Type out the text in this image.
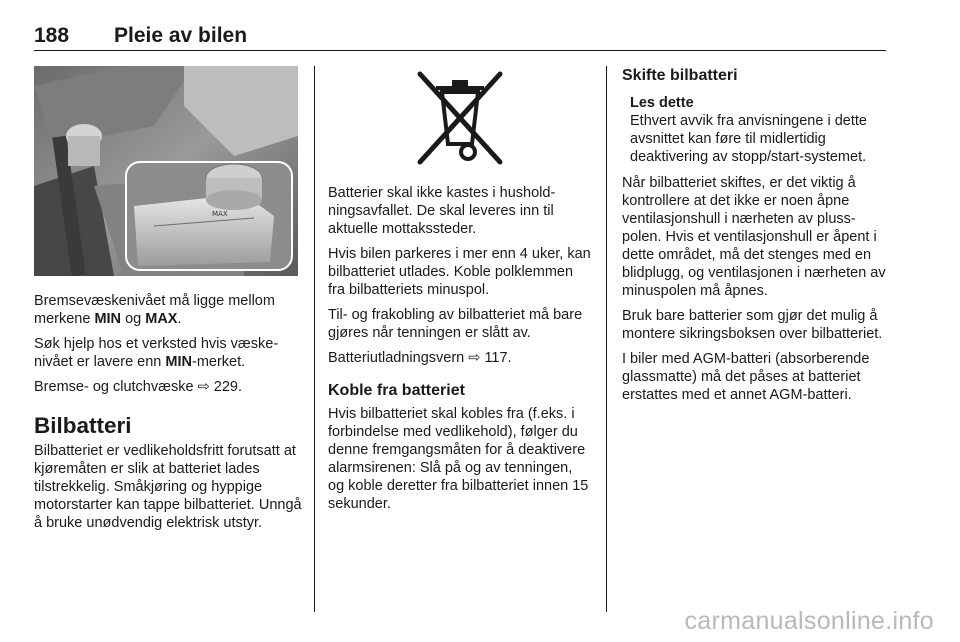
188 Pleie av bilen
MAX

Bremsevæskenivået må ligge mellom merkene MIN og MAX.

Søk hjelp hos et verksted hvis væskenivået er lavere enn MIN-merket.

Bremse- og clutchvæske ⇨ 229.

Bilbatteri

Bilbatteriet er vedlikeholdsfritt forutsatt at kjøremåten er slik at batteriet lades tilstrekkelig. Småkjøring og hyppige motorstarter kan tappe bilbatteriet. Unngå å bruke unødvendig elektrisk utstyr.

Batterier skal ikke kastes i husholdningsavfallet. De skal leveres inn til aktuelle mottakssteder.

Hvis bilen parkeres i mer enn 4 uker, kan bilbatteriet utlades. Koble polklemmen fra bilbatteriets minuspol.

Til- og frakobling av bilbatteriet må bare gjøres når tenningen er slått av.

Batteriutladningsvern ⇨ 117.

Koble fra batteriet

Hvis bilbatteriet skal kobles fra (f.eks. i forbindelse med vedlikehold), følger du denne fremgangsmåten for å deaktivere alarmsirenen: Slå på og av tenningen, og koble deretter fra bilbatteriet innen 15 sekunder.

Skifte bilbatteri

Les dette

Ethvert avvik fra anvisningene i dette avsnittet kan føre til midlertidig deaktivering av stopp/start-systemet.

Når bilbatteriet skiftes, er det viktig å kontrollere at det ikke er noen åpne ventilasjonshull i nærheten av plusspolen. Hvis et ventilasjonshull er åpent i dette området, må det stenges med en blidplugg, og ventilasjonen i nærheten av minuspolen må åpnes.

Bruk bare batterier som gjør det mulig å montere sikringsboksen over bilbatteriet.

I biler med AGM-batteri (absorberende glassmatte) må det påses at batteriet erstattes med et annet AGM-batteri.

carmanualsonline.info
